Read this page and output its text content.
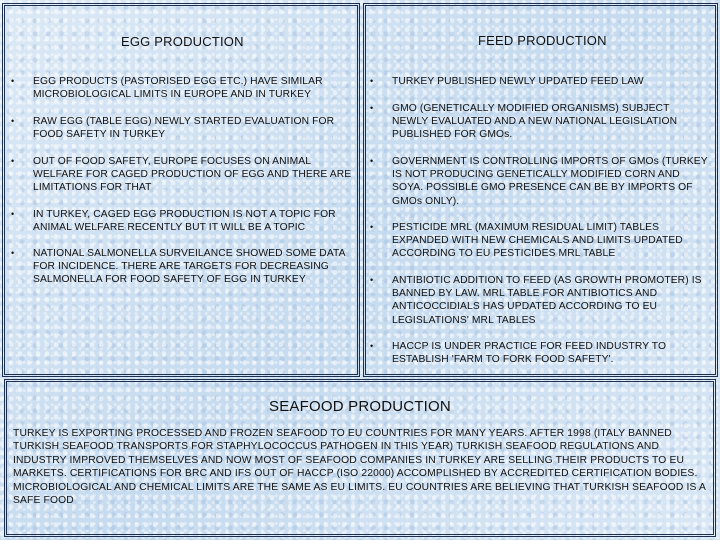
EGG PRODUCTION
• EGG PRODUCTS (PASTORISED EGG ETC.) HAVE SIMILAR MICROBIOLOGICAL LIMITS IN EUROPE AND IN TURKEY
• RAW EGG (TABLE EGG) NEWLY STARTED EVALUATION FOR FOOD SAFETY IN TURKEY
• OUT OF FOOD SAFETY, EUROPE FOCUSES ON ANIMAL WELFARE FOR CAGED PRODUCTION OF EGG AND THERE ARE LIMITATIONS FOR THAT
• IN TURKEY, CAGED EGG PRODUCTION IS NOT A TOPIC FOR ANIMAL WELFARE RECENTLY BUT IT WILL BE A TOPIC
• NATIONAL SALMONELLA SURVEILANCE SHOWED SOME DATA FOR INCIDENCE. THERE ARE TARGETS FOR DECREASING SALMONELLA FOR FOOD SAFETY OF EGG IN TURKEY
FEED PRODUCTION
• TURKEY PUBLISHED NEWLY UPDATED FEED LAW
• GMO (GENETICALLY MODIFIED ORGANISMS) SUBJECT NEWLY EVALUATED AND A NEW NATIONAL LEGISLATION PUBLISHED FOR GMOs.
• GOVERNMENT IS CONTROLLING IMPORTS OF GMOs (TURKEY IS NOT PRODUCING GENETICALLY MODIFIED CORN AND SOYA. POSSIBLE GMO PRESENCE CAN BE BY IMPORTS OF GMOs ONLY).
• PESTICIDE MRL (MAXIMUM RESIDUAL LIMIT) TABLES EXPANDED WITH NEW CHEMICALS AND LIMITS UPDATED ACCORDING TO EU PESTICIDES MRL TABLE
• ANTIBIOTIC ADDITION TO FEED (AS GROWTH PROMOTER) IS BANNED BY LAW. MRL TABLE FOR ANTIBIOTICS AND ANTICOCCIDIALS HAS UPDATED ACCORDING TO EU LEGISLATIONS' MRL TABLES
• HACCP IS UNDER PRACTICE FOR FEED INDUSTRY TO ESTABLISH 'FARM TO FORK FOOD SAFETY'.
SEAFOOD PRODUCTION

TURKEY IS EXPORTING PROCESSED AND FROZEN SEAFOOD TO EU COUNTRIES FOR MANY YEARS. AFTER 1998 (ITALY BANNED TURKISH SEAFOOD TRANSPORTS FOR STAPHYLOCOCCUS PATHOGEN IN THIS YEAR) TURKISH SEAFOOD REGULATIONS AND INDUSTRY IMPROVED THEMSELVES AND NOW MOST OF SEAFOOD COMPANIES IN TURKEY ARE SELLING THEIR PRODUCTS TO EU MARKETS. CERTIFICATIONS FOR BRC AND IFS OUT OF HACCP (ISO 22000) ACCOMPLISHED BY ACCREDITED CERTIFICATION BODIES. MICROBIOLOGICAL AND CHEMICAL LIMITS ARE THE SAME AS EU LIMITS. EU COUNTRIES ARE BELIEVING THAT TURKISH SEAFOOD IS A SAFE FOOD
